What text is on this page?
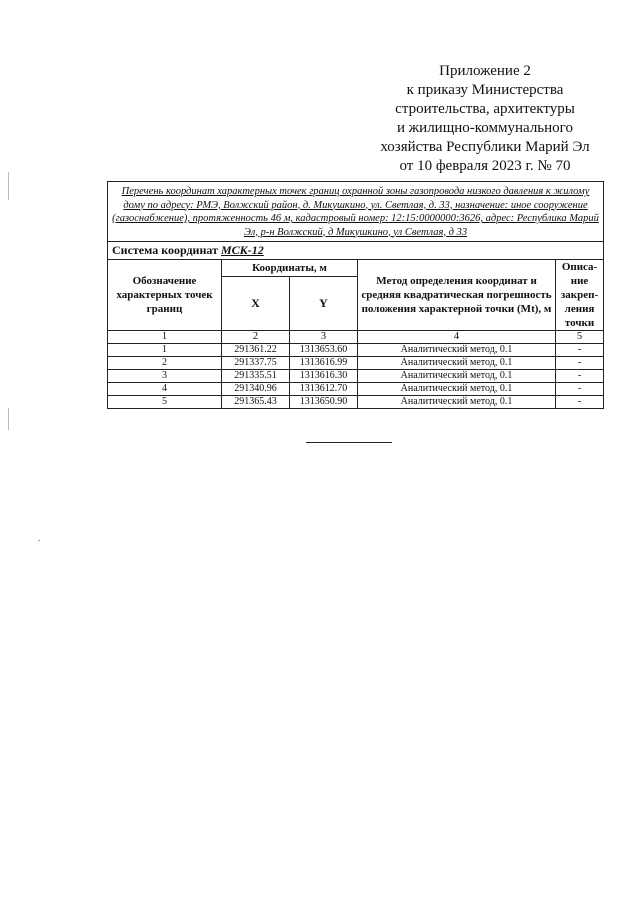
Приложение 2
к приказу Министерства
строительства, архитектуры
и жилищно-коммунального
хозяйства Республики Марий Эл
от 10 февраля 2023 г. № 70
Перечень координат характерных точек границ охранной зоны газопровода низкого давления к жилому дому по адресу: РМЭ, Волжский район, д. Микушкино, ул. Светлая, д. 33, назначение: иное сооружение (газоснабжение), протяженность 46 м, кадастровый номер: 12:15:0000000:3626, адрес: Республика Марий Эл, р-н Волжский, д Микушкино, ул Светлая, д 33				
Система координат МСК-12				
Обозначение характерных точек границ	Координаты, м		Метод определения координат и средняя квадратическая погрешность положения характерной точки (Mt), м	Описа-ние закреп-ления точки
	X	Y		
1	2	3	4	5
1	291361.22	1313653.60	Аналитический метод, 0.1	-
2	291337.75	1313616.99	Аналитический метод, 0.1	-
3	291335.51	1313616.30	Аналитический метод, 0.1	-
4	291340.96	1313612.70	Аналитический метод, 0.1	-
5	291365.43	1313650.90	Аналитический метод, 0.1	-
